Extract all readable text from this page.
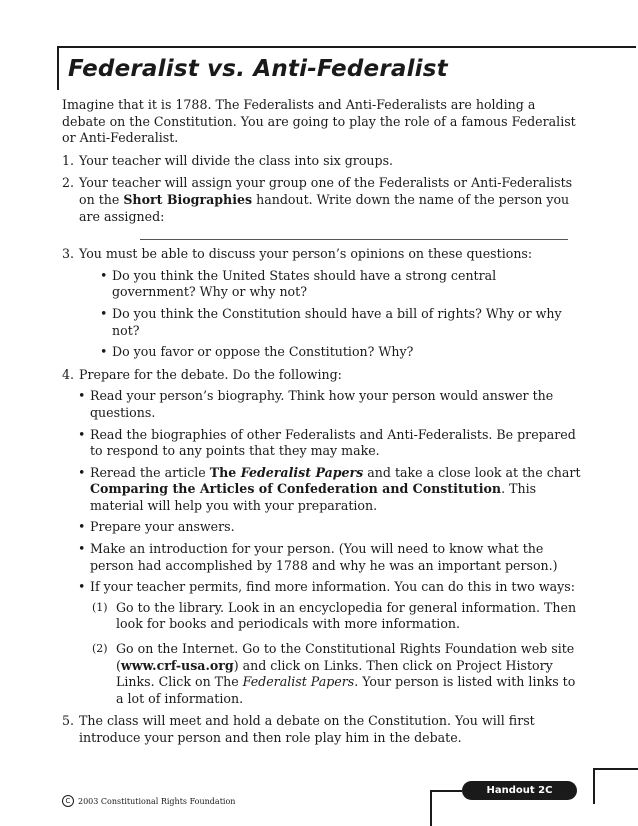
Federalist vs. Anti-Federalist

Imagine that it is 1788. The Federalists and Anti-Federalists are holding a debate on the Constitution. You are going to play the role of a famous Federalist or Anti-Federalist.

1. Your teacher will divide the class into six groups.
2. Your teacher will assign your group one of the Federalists or Anti-Federalists on the Short Biographies handout. Write down the name of the person you are assigned:
3. You must be able to discuss your person’s opinions on these questions:
• Do you think the United States should have a strong central government? Why or why not?
• Do you think the Constitution should have a bill of rights? Why or why not?
• Do you favor or oppose the Constitution? Why?
4. Prepare for the debate. Do the following:
• Read your person’s biography. Think how your person would answer the questions.
• Read the biographies of other Federalists and Anti-Federalists. Be prepared to respond to any points that they may make.
• Reread the article The Federalist Papers and take a close look at the chart Comparing the Articles of Confederation and Constitution. This material will help you with your preparation.
• Prepare your answers.
• Make an introduction for your person. (You will need to know what the person had accomplished by 1788 and why he was an important person.)
• If your teacher permits, find more information. You can do this in two ways:
(1) Go to the library. Look in an encyclopedia for general information. Then look for books and periodicals with more information.
(2) Go on the Internet. Go to the Constitutional Rights Foundation web site (www.crf-usa.org) and click on Links. Then click on Project History Links. Click on The Federalist Papers. Your person is listed with links to a lot of information.
5. The class will meet and hold a debate on the Constitution. You will first introduce your person and then role play him in the debate.
Handout 2C
C 2003 Constitutional Rights Foundation
